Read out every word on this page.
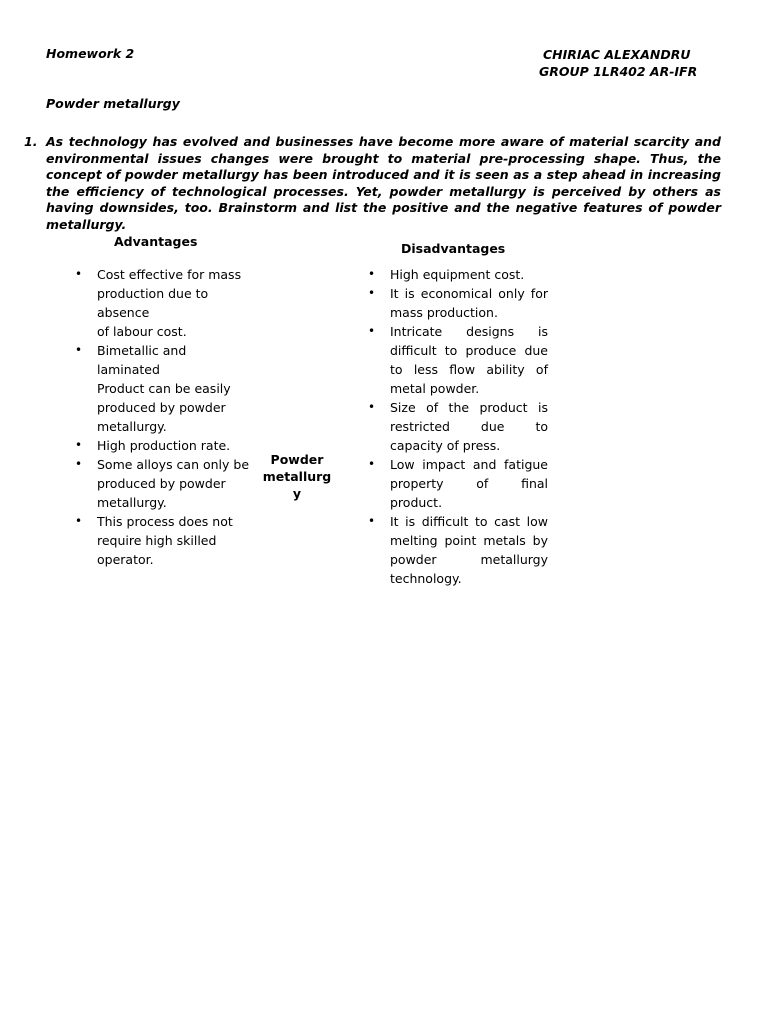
Homework 2	CHIRIAC ALEXANDRU
GROUP 1LR402 AR-IFR
Powder metallurgy
1. As technology has evolved and businesses have become more aware of material scarcity and environmental issues changes were brought to material pre-processing shape. Thus, the concept of powder metallurgy has been introduced and it is seen as a step ahead in increasing the efficiency of technological processes. Yet, powder metallurgy is perceived by others as having downsides, too. Brainstorm and list the positive and the negative features of powder metallurgy.
Advantages	Disadvantages
• Cost effective for mass
production due to
absence
of labour cost.
• Bimetallic and
laminated
Product can be easily
produced by powder
metallurgy.
• High production rate.
• Some alloys can only be
produced by powder
metallurgy.
• This process does not
require high skilled
operator.
Powder
metallurg
y
• High equipment cost.
• It is economical only for
mass production.
• Intricate designs is
difficult to produce due
to less flow ability of
metal powder.
• Size of the product is
restricted due to
capacity of press.
• Low impact and fatigue
property of final
product.
• It is difficult to cast low
melting point metals by
powder metallurgy
technology.
